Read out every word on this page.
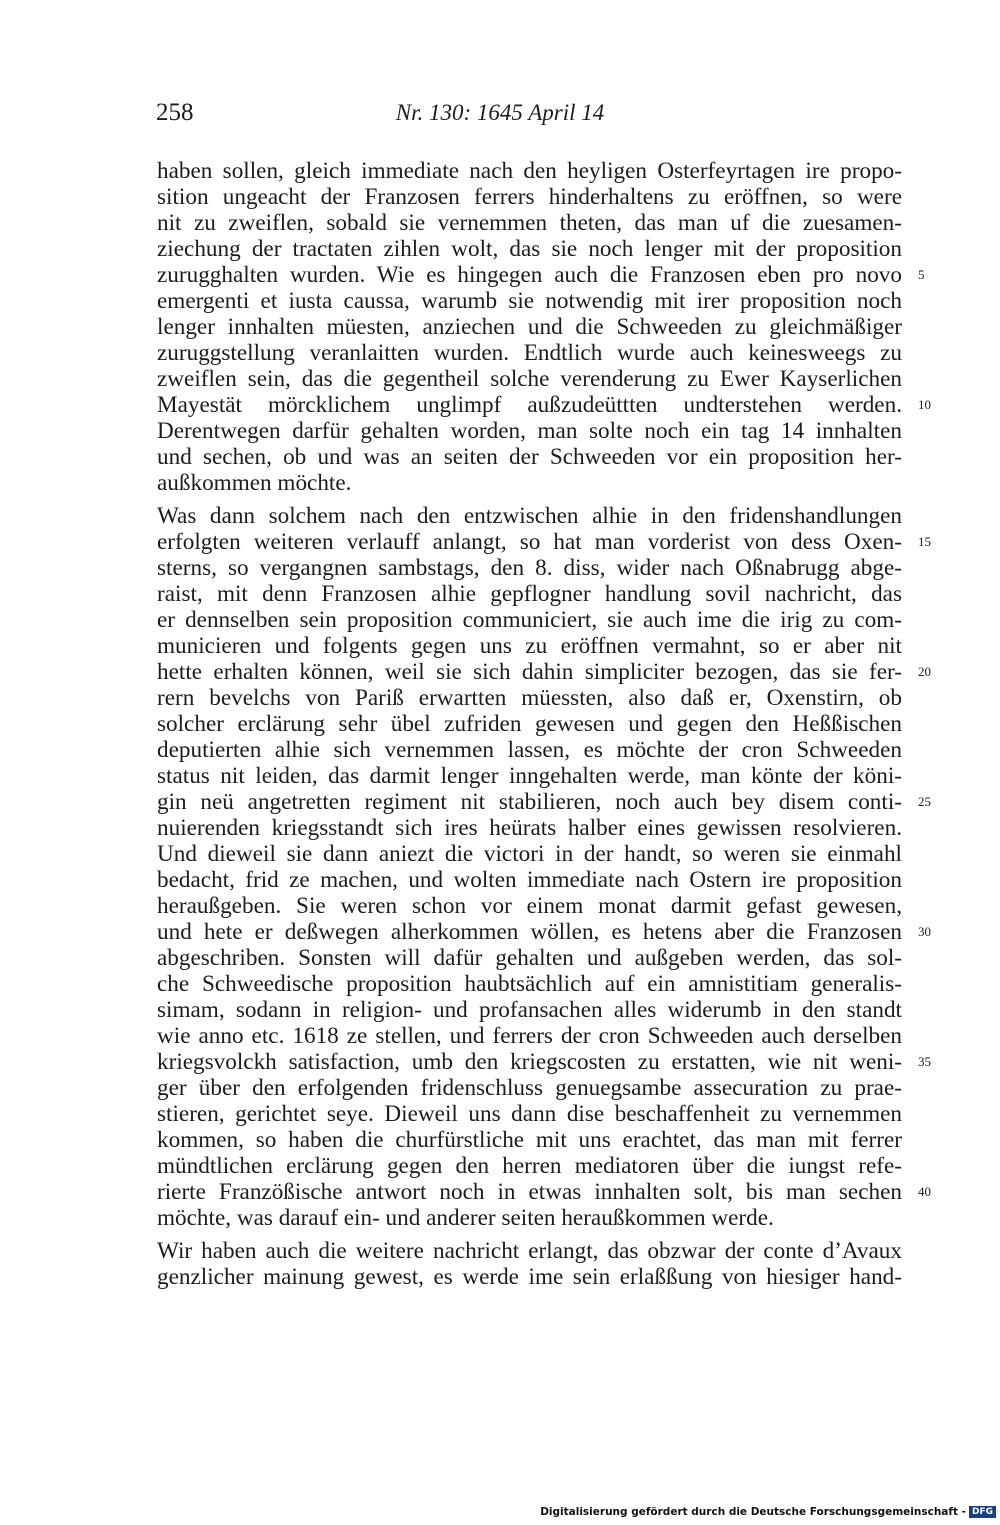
258	Nr. 130: 1645 April 14
haben sollen, gleich immediate nach den heyligen Osterfeyrtagen ire propo-
sition ungeacht der Franzosen ferrers hinderhaltens zu eröffnen, so were
nit zu zweiflen, sobald sie vernemmen theten, das man uf die zuesamen-
ziechung der tractaten zihlen wolt, das sie noch lenger mit der proposition
zurugghalten wurden. Wie es hingegen auch die Franzosen eben pro novo
emergenti et iusta caussa, warumb sie notwendig mit irer proposition noch
lenger innhalten müesten, anziechen und die Schweeden zu gleichmäßiger
zuruggstellung veranlaitten wurden. Endtlich wurde auch keinesweegs zu
zweiflen sein, das die gegentheil solche verenderung zu Ewer Kayserlichen
Mayestät mörcklichem unglimpf außzudeüttten undterstehen werden.
Derentwegen darfür gehalten worden, man solte noch ein tag 14 innhalten
und sechen, ob und was an seiten der Schweeden vor ein proposition her-
außkommen möchte.
Was dann solchem nach den entzwischen alhie in den fridenshandlungen
erfolgten weiteren verlauff anlangt, so hat man vorderist von dess Oxen-
sterns, so vergangnen sambstags, den 8. diss, wider nach Oßnabrugg abge-
raist, mit denn Franzosen alhie gepflogner handlung sovil nachricht, das
er dennselben sein proposition communiciert, sie auch ime die irig zu com-
municieren und folgents gegen uns zu eröffnen vermahnt, so er aber nit
hette erhalten können, weil sie sich dahin simpliciter bezogen, das sie fer-
rern bevelchs von Pariß erwartten müessten, also daß er, Oxenstirn, ob
solcher erclärung sehr übel zufriden gewesen und gegen den Heßßischen
deputierten alhie sich vernemmen lassen, es möchte der cron Schweeden
status nit leiden, das darmit lenger inngehalten werde, man könte der köni-
gin neü angetretten regiment nit stabilieren, noch auch bey disem conti-
nuierenden kriegsstandt sich ires heürats halber eines gewissen resolvieren.
Und dieweil sie dann aniezt die victori in der handt, so weren sie einmahl
bedacht, frid ze machen, und wolten immediate nach Ostern ire proposition
heraußgeben. Sie weren schon vor einem monat darmit gefast gewesen,
und hete er deßwegen alherkommen wöllen, es hetens aber die Franzosen
abgeschriben. Sonsten will dafür gehalten und außgeben werden, das sol-
che Schweedische proposition haubtsächlich auf ein amnistitiam generalis-
simam, sodann in religion- und profansachen alles widerumb in den standt
wie anno etc. 1618 ze stellen, und ferrers der cron Schweeden auch derselben
kriegsvolckh satisfaction, umb den kriegscosten zu erstatten, wie nit weni-
ger über den erfolgenden fridenschluss genuegsambe assecuration zu prae-
stieren, gerichtet seye. Dieweil uns dann dise beschaffenheit zu vernemmen
kommen, so haben die churfürstliche mit uns erachtet, das man mit ferrer
mündtlichen erclärung gegen den herren mediatoren über die iungst refe-
rierte Franzößische antwort noch in etwas innhalten solt, bis man sechen
möchte, was darauf ein- und anderer seiten heraußkommen werde.
Wir haben auch die weitere nachricht erlangt, das obzwar der conte d’Avaux
genzlicher mainung gewest, es werde ime sein erlaßßung von hiesiger hand-
5
10
15
20
25
30
35
40
Digitalisierung gefördert durch die Deutsche Forschungsgemeinschaft - DFG
